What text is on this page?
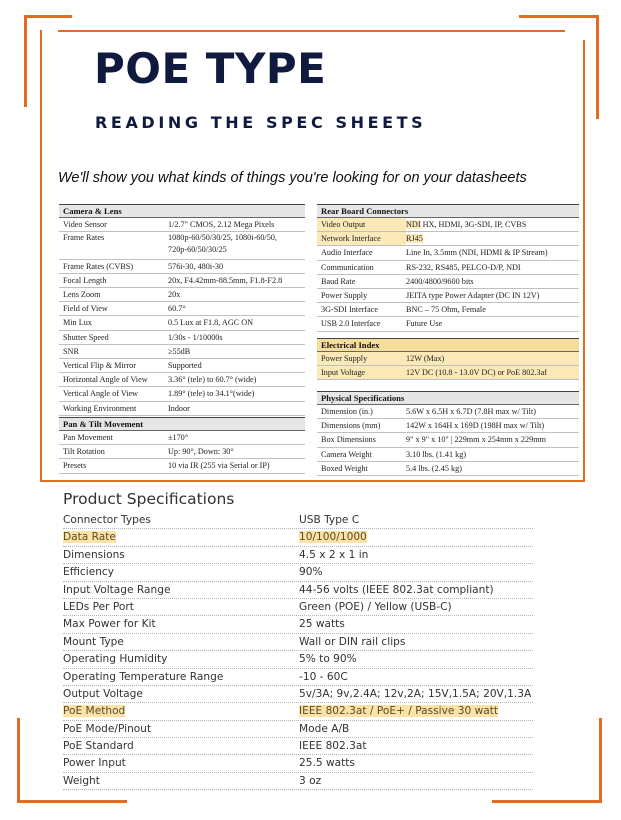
POE TYPE
READING THE SPEC SHEETS
We'll show you what kinds of things you're looking for on your datasheets
Camera & Lens
Video Sensor	1/2.7" CMOS, 2.12 Mega Pixels
Frame Rates	1080p-60/50/30/25, 1080i-60/50,
720p-60/50/30/25
Frame Rates (CVBS)	576i-30, 480i-30
Focal Length	20x, F4.42mm-88.5mm, F1.8-F2.8
Lens Zoom	20x
Field of View	60.7°
Min Lux	0.5 Lux at F1.8, AGC ON
Shutter Speed	1/30s - 1/10000s
SNR	≥55dB
Vertical Flip & Mirror	Supported
Horizontal Angle of View	3.36° (tele) to 60.7° (wide)
Vertical Angle of View	1.89° (tele) to 34.1°(wide)
Working Environment	Indoor
Pan & Tilt Movement
Pan Movement	±170°
Tilt Rotation	Up: 90°, Down: 30°
Presets	10 via IR (255 via Serial or IP)
Rear Board Connectors
Video Output	NDI HX, HDMI, 3G-SDI, IP, CVBS
Network Interface	RJ45
Audio Interface	Line In, 3.5mm (NDI, HDMI & IP Stream)
Communication	RS-232, RS485, PELCO-D/P, NDI
Baud Rate	2400/4800/9600 bits
Power Supply	JEITA type Power Adapter (DC IN 12V)
3G-SDI Interface	BNC – 75 Ohm, Female
USB 2.0 Interface	Future Use
Electrical Index
Power Supply	12W (Max)
Input Voltage	12V DC (10.8 - 13.0V DC) or PoE 802.3af
Physical Specifications
Dimension (in.)	5.6W x 6.5H x 6.7D (7.8H max w/ Tilt)
Dimensions (mm)	142W x 164H x 169D (198H max w/ Tilt)
Box Dimensions	9" x 9" x 10" | 229mm x 254mm x 229mm
Camera Weight	3.10 lbs. (1.41 kg)
Boxed Weight	5.4 lbs. (2.45 kg)
Product Specifications
Connector Types	USB Type C
Data Rate	10/100/1000
Dimensions	4.5 x 2 x 1 in
Efficiency	90%
Input Voltage Range	44-56 volts (IEEE 802.3at compliant)
LEDs Per Port	Green (POE) / Yellow (USB-C)
Max Power for Kit	25 watts
Mount Type	Wall or DIN rail clips
Operating Humidity	5% to 90%
Operating Temperature Range	-10 - 60C
Output Voltage	5v/3A; 9v,2.4A; 12v,2A; 15V,1.5A; 20V,1.3A
PoE Method	IEEE 802.3at / PoE+ / Passive 30 watt
PoE Mode/Pinout	Mode A/B
PoE Standard	IEEE 802.3at
Power Input	25.5 watts
Weight	3 oz
